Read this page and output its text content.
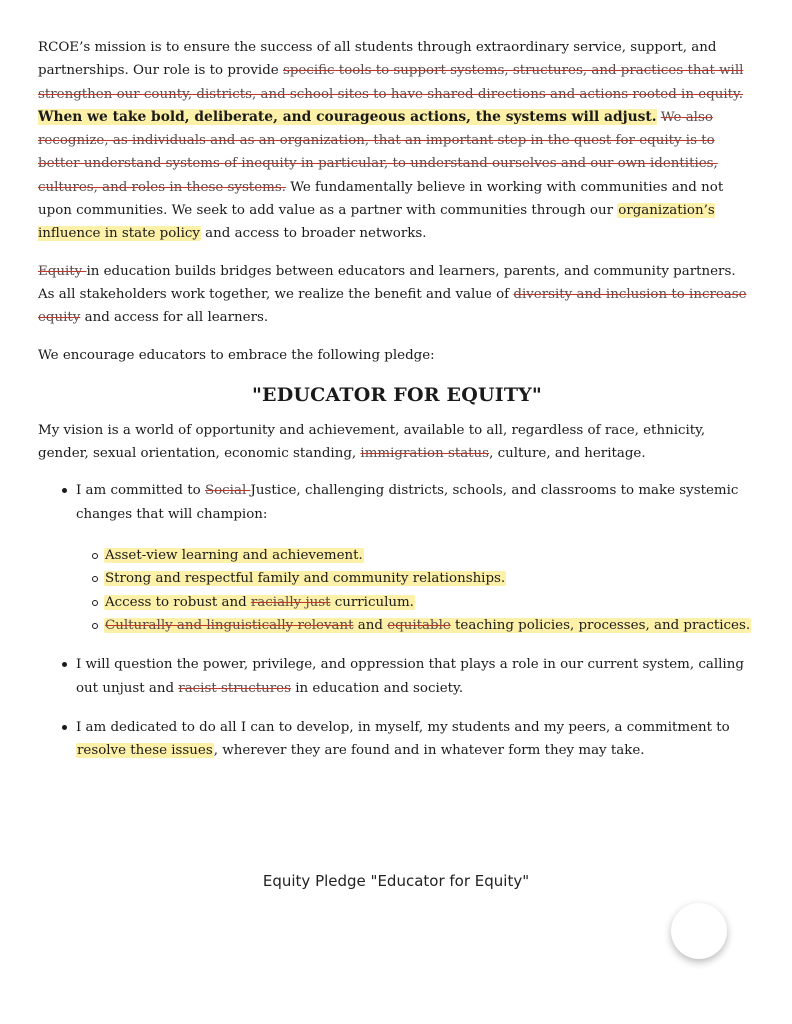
RCOE’s mission is to ensure the success of all students through extraordinary service, support, and partnerships. Our role is to provide specific tools to support systems, structures, and practices that will strengthen our county, districts, and school sites to have shared directions and actions rooted in equity. When we take bold, deliberate, and courageous actions, the systems will adjust. We also recognize, as individuals and as an organization, that an important step in the quest for equity is to better understand systems of inequity in particular, to understand ourselves and our own identities, cultures, and roles in these systems. We fundamentally believe in working with communities and not upon communities. We seek to add value as a partner with communities through our organization’s influence in state policy and access to broader networks.

Equity in education builds bridges between educators and learners, parents, and community partners. As all stakeholders work together, we realize the benefit and value of diversity and inclusion to increase equity and access for all learners.

We encourage educators to embrace the following pledge:

"EDUCATOR FOR EQUITY"

My vision is a world of opportunity and achievement, available to all, regardless of race, ethnicity, gender, sexual orientation, economic standing, immigration status, culture, and heritage.

I am committed to Social Justice, challenging districts, schools, and classrooms to make systemic changes that will champion:
Asset-view learning and achievement.
Strong and respectful family and community relationships.
Access to robust and racially just curriculum.
Culturally and linguistically relevant and equitable teaching policies, processes, and practices.
I will question the power, privilege, and oppression that plays a role in our current system, calling out unjust and racist structures in education and society.
I am dedicated to do all I can to develop, in myself, my students and my peers, a commitment to resolve these issues, wherever they are found and in whatever form they may take.
Equity Pledge "Educator for Equity"
